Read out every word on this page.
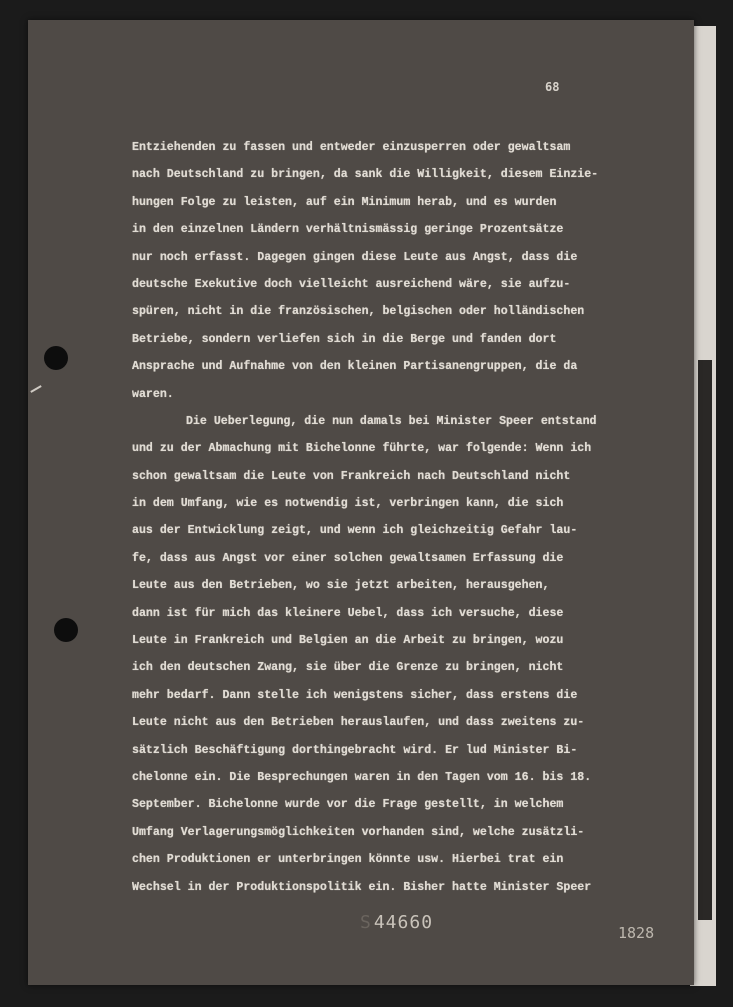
68
Entziehenden zu fassen und entweder einzusperren oder gewaltsam
nach Deutschland zu bringen, da sank die Willigkeit, diesem Einzie-
hungen Folge zu leisten, auf ein Minimum herab, und es wurden
in den einzelnen Ländern verhältnismässig geringe Prozentsätze
nur noch erfasst. Dagegen gingen diese Leute aus Angst, dass die
deutsche Exekutive doch vielleicht ausreichend wäre, sie aufzu-
spüren, nicht in die französischen, belgischen oder holländischen
Betriebe, sondern verliefen sich in die Berge und fanden dort
Ansprache und Aufnahme von den kleinen Partisanengruppen, die da
waren.
Die Ueberlegung, die nun damals bei Minister Speer entstand
und zu der Abmachung mit Bichelonne führte, war folgende: Wenn ich
schon gewaltsam die Leute von Frankreich nach Deutschland nicht
in dem Umfang, wie es notwendig ist, verbringen kann, die sich
aus der Entwicklung zeigt, und wenn ich gleichzeitig Gefahr lau-
fe, dass aus Angst vor einer solchen gewaltsamen Erfassung die
Leute aus den Betrieben, wo sie jetzt arbeiten, herausgehen,
dann ist für mich das kleinere Uebel, dass ich versuche, diese
Leute in Frankreich und Belgien an die Arbeit zu bringen, wozu
ich den deutschen Zwang, sie über die Grenze zu bringen, nicht
mehr bedarf. Dann stelle ich wenigstens sicher, dass erstens die
Leute nicht aus den Betrieben herauslaufen, und dass zweitens zu-
sätzlich Beschäftigung dorthingebracht wird. Er lud Minister Bi-
chelonne ein. Die Besprechungen waren in den Tagen vom 16. bis 18.
September. Bichelonne wurde vor die Frage gestellt, in welchem
Umfang Verlagerungsmöglichkeiten vorhanden sind, welche zusätzli-
chen Produktionen er unterbringen könnte usw. Hierbei trat ein
Wechsel in der Produktionspolitik ein. Bisher hatte Minister Speer
S 44660	1828
